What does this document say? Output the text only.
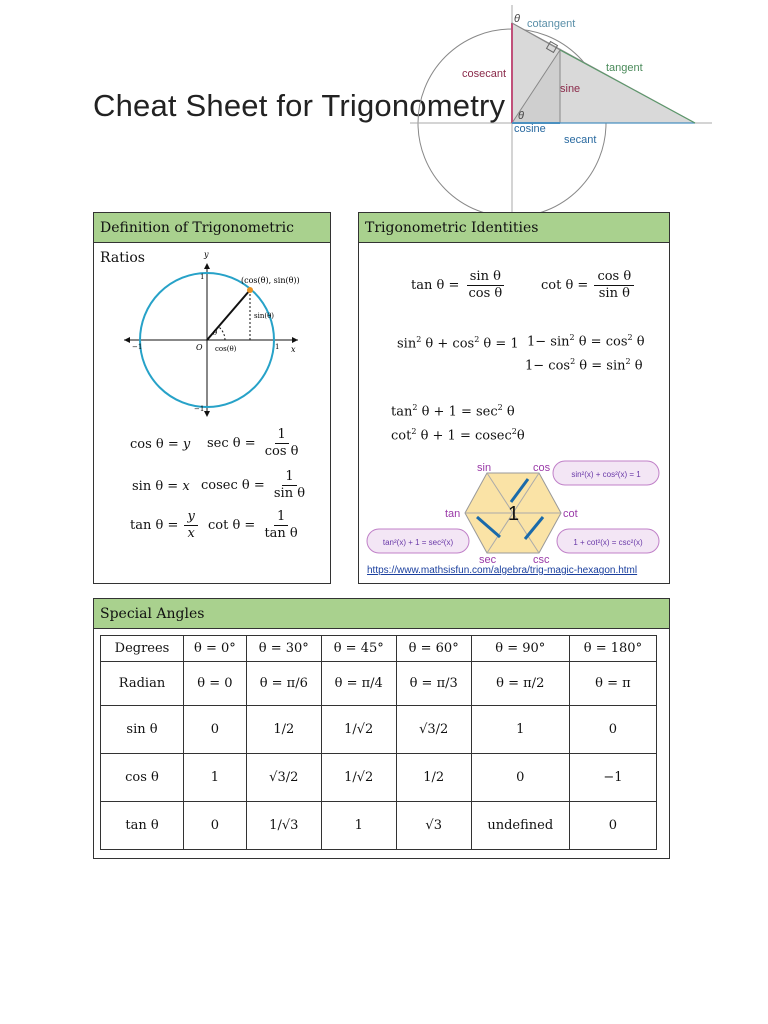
Cheat Sheet for Trigonometry
θ cotangent
cosecant	tangent
sine
θ
cosine
secant
Definition of Trigonometric Ratios	y
x
O
(cos(θ), sin(θ))
sin(θ)
cos(θ)
θ
1
1
−1
−1
cos θ = y $\sec \theta = \frac{1}{\text{cos θ}}$
sin θ = x cosec $\theta = \frac{1}{\text{sin θ}}$
$\tan \theta = \frac{y}{x}$ $\cot \theta = \frac{1}{\text{tan θ}}$
Trigonometric Identities
$\tan \theta = \frac{\text{sin θ}}{\text{cos θ}}$	$\cot \theta = \frac{\text{cos θ}}{\text{sin θ}}$
$\sin^2 \theta + \cos^2 \theta = 1$ $1- \sin^2 \theta = \cos^2 \theta$
$1- \cos^2 \theta = \sin^2 \theta$
$\tan^2 \theta + 1 = \sec^2 \theta$
$\cot^2 \theta + 1 = cosec^2\theta$
sin	cos
tan	cot
sec	csc
1
sin²(x) + cos²(x) = 1
tan²(x) + 1 = sec²(x)	1 + cot²(x) = csc²(x)
https://www.mathsisfun.com/algebra/trig-magic-hexagon.html
Special Angles
Degrees	θ = 0°	θ = 30°	θ = 45°	θ = 60°	θ = 90°	θ = 180°
Radian	θ = 0	θ = π/6	θ = π/4	θ = π/3	θ = π/2	θ = π
sin θ	0	1/2	1/√2	√3/2	1	0
cos θ	1	√3/2	1/√2	1/2	0	−1
tan θ	0	1/√3	1	√3	undefined	0
